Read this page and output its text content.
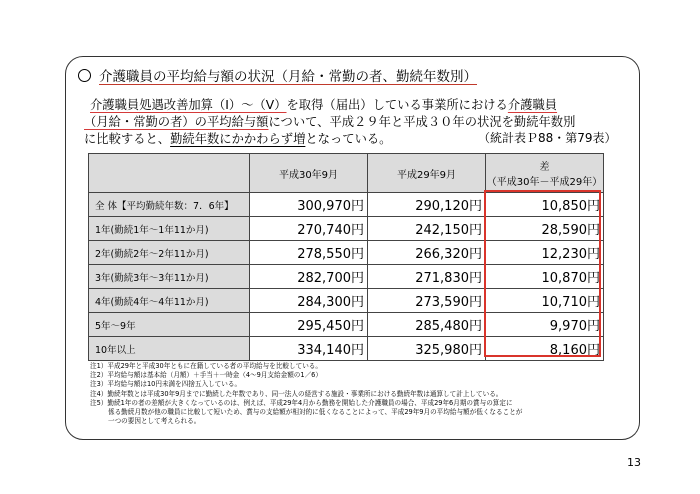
介護職員の平均給与額の状況（月給・常勤の者、勤続年数別）
介護職員処遇改善加算（Ⅰ）～（Ⅴ）を取得（届出）している事業所における介護職員
（月給・常勤の者）の平均給与額について、平成２９年と平成３０年の状況を勤続年数別
に比較すると、勤続年数にかかわらず増となっている。	（統計表Ｐ88・第79表）
	平成30年9月	平成29年9月	差
（平成30年－平成29年）
全 体【平均勤続年数：7．6年】	300,970円	290,120円	10,850円
1年(勤続1年～1年11か月)	270,740円	242,150円	28,590円
2年(勤続2年～2年11か月)	278,550円	266,320円	12,230円
3年(勤続3年～3年11か月)	282,700円	271,830円	10,870円
4年(勤続4年～4年11か月)	284,300円	273,590円	10,710円
5年～9年	295,450円	285,480円	9,970円
10年以上	334,140円	325,980円	8,160円
注1）平成29年と平成30年ともに在籍している者の平均給与を比較している。
注2）平均給与額は基本給（月額）＋手当＋一時金（4～9月支給金額の1／6）
注3）平均給与額は10円未満を四捨五入している。
注4）勤続年数とは平成30年9月までに勤続した年数であり、同一法人の経営する施設・事業所における勤続年数は通算して計上している。
注5）勤続1年の者の差額が大きくなっているのは、例えば、平成29年4月から勤務を開始した介護職員の場合、平成29年6月期の賞与の算定に
係る勤続月数が他の職員に比較して短いため、賞与の支給額が相対的に低くなることによって、平成29年9月の平均給与額が低くなることが
一つの要因として考えられる。
13
